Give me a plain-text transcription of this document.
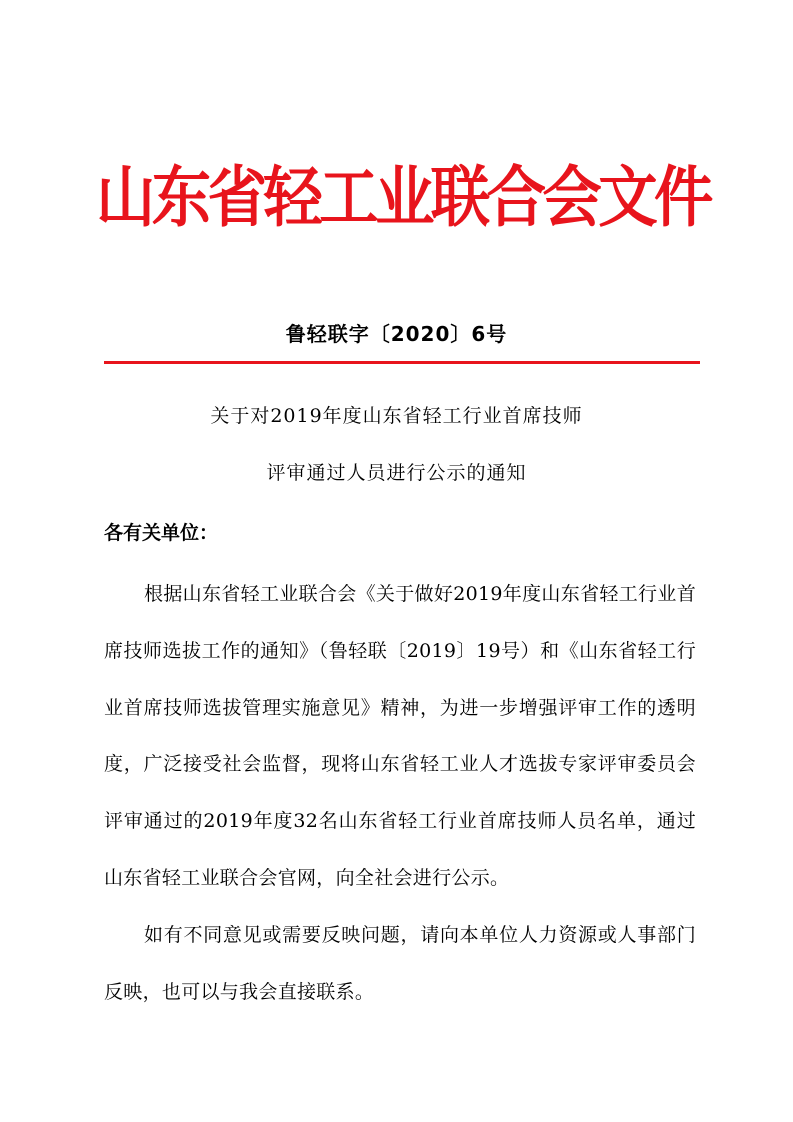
山东省轻工业联合会文件
鲁轻联字〔2020〕6号
关于对2019年度山东省轻工行业首席技师
评审通过人员进行公示的通知
各有关单位：

根据山东省轻工业联合会《关于做好2019年度山东省轻工行业首席技师选拔工作的通知》（鲁轻联〔2019〕19号）和《山东省轻工行业首席技师选拔管理实施意见》精神，为进一步增强评审工作的透明度，广泛接受社会监督，现将山东省轻工业人才选拔专家评审委员会评审通过的2019年度32名山东省轻工行业首席技师人员名单，通过山东省轻工业联合会官网，向全社会进行公示。

如有不同意见或需要反映问题，请向本单位人力资源或人事部门反映，也可以与我会直接联系。
